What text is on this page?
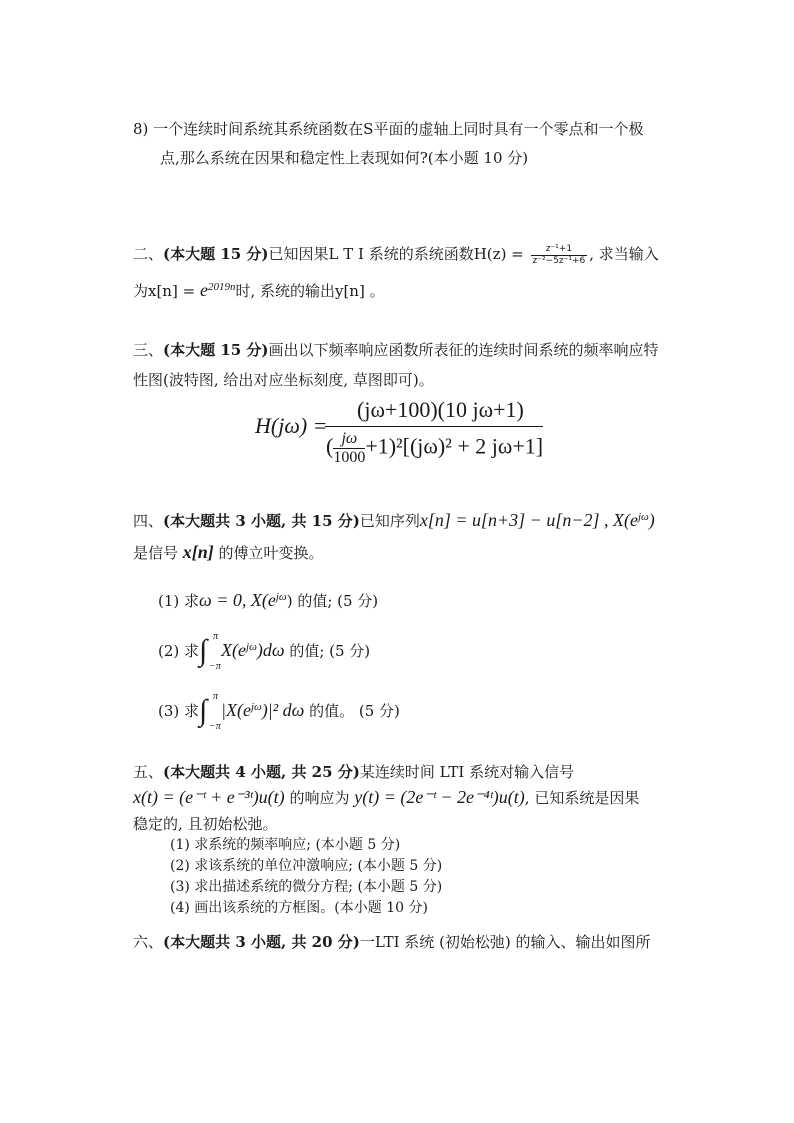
8) 一个连续时间系统其系统函数在S平面的虚轴上同时具有一个零点和一个极
点,那么系统在因果和稳定性上表现如何?(本小题 10 分)
二、(本大题 15 分)已知因果L T I 系统的系统函数$H(z) = \frac{\text{z⁻¹+1}}{\text{z⁻²−5z⁻¹+6}}$ , 求当输入
为$x[n] = e^{2019n}$时, 系统的输出y[n] 。
三、(本大题 15 分)画出以下频率响应函数所表征的连续时间系统的频率响应特
性图(波特图, 给出对应坐标刻度, 草图即可)。
H(jω) =
(jω+100)(10 jω+1)
( $\frac{j\omega}{1000} +1)^2[(j\omega)^2 + 2$ jω+1]
四、(本大题共 3 小题, 共 15 分)已知序列x[n] = u[n+3] − u[n−2] , $X(e^{j\omega})$
是信号 x[n] 的傅立叶变换。
(1) 求ω = 0, $X(e^{j\omega})$ 的值; (5 分)
(2) 求∫ π
−π
$X(e^{j\omega})d\omega$ 的值; (5 分)
(3) 求∫ π
−π
$|X(e^{j\omega})|^2$ dω 的值。 (5 分)
五、(本大题共 4 小题, 共 25 分)某连续时间 LTI 系统对输入信号
x(t) = (e⁻ᵗ + e⁻³ᵗ)u(t) 的响应为 y(t) = (2e⁻ᵗ − 2e⁻⁴ᵗ)u(t), 已知系统是因果
稳定的, 且初始松弛。
(1) 求系统的频率响应; (本小题 5 分)
(2) 求该系统的单位冲激响应; (本小题 5 分)
(3) 求出描述系统的微分方程; (本小题 5 分)
(4) 画出该系统的方框图。(本小题 10 分)
六、(本大题共 3 小题, 共 20 分)一LTI 系统 (初始松弛) 的输入、输出如图所
